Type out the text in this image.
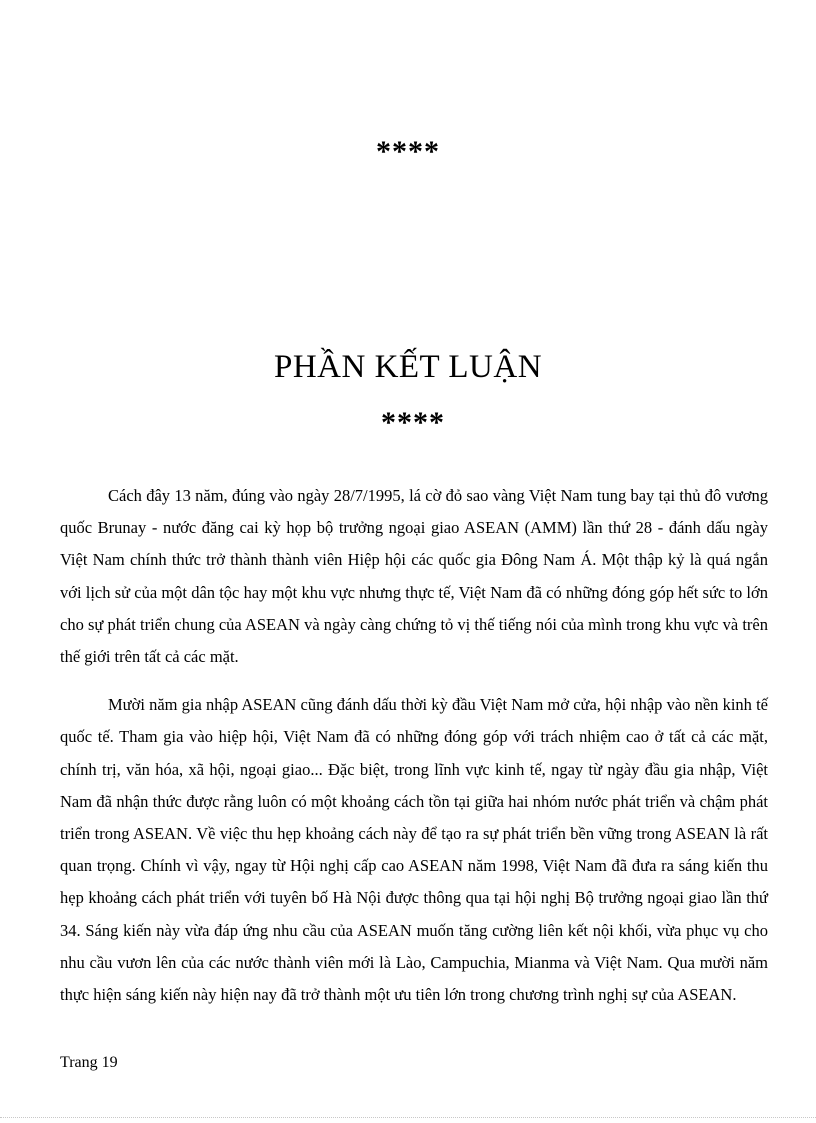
****
PHẦN KẾT LUẬN
****

Cách đây 13 năm, đúng vào ngày 28/7/1995, lá cờ đỏ sao vàng Việt Nam tung bay tại thủ đô vương quốc Brunay - nước đăng cai kỳ họp bộ trưởng ngoại giao ASEAN (AMM) lần thứ 28 - đánh dấu ngày Việt Nam chính thức trở thành thành viên Hiệp hội các quốc gia Đông Nam Á. Một thập kỷ là quá ngắn với lịch sử của một dân tộc hay một khu vực nhưng thực tế, Việt Nam đã có những đóng góp hết sức to lớn cho sự phát triển chung của ASEAN và ngày càng chứng tỏ vị thế tiếng nói của mình trong khu vực và trên thế giới trên tất cả các mặt.

Mười năm gia nhập ASEAN cũng đánh dấu thời kỳ đầu Việt Nam mở cửa, hội nhập vào nền kinh tế quốc tế. Tham gia vào hiệp hội, Việt Nam đã có những đóng góp với trách nhiệm cao ở tất cả các mặt, chính trị, văn hóa, xã hội, ngoại giao... Đặc biệt, trong lĩnh vực kinh tế, ngay từ ngày đầu gia nhập, Việt Nam đã nhận thức được rằng luôn có một khoảng cách tồn tại giữa hai nhóm nước phát triển và chậm phát triển trong ASEAN. Về việc thu hẹp khoảng cách này để tạo ra sự phát triển bền vững trong ASEAN là rất quan trọng. Chính vì vậy, ngay từ Hội nghị cấp cao ASEAN năm 1998, Việt Nam đã đưa ra sáng kiến thu hẹp khoảng cách phát triển với tuyên bố Hà Nội được thông qua tại hội nghị Bộ trưởng ngoại giao lần thứ 34. Sáng kiến này vừa đáp ứng nhu cầu của ASEAN muốn tăng cường liên kết nội khối, vừa phục vụ cho nhu cầu vươn lên của các nước thành viên mới là Lào, Campuchia, Mianma và Việt Nam. Qua mười năm thực hiện sáng kiến này hiện nay đã trở thành một ưu tiên lớn trong chương trình nghị sự của ASEAN.

Trang 19
